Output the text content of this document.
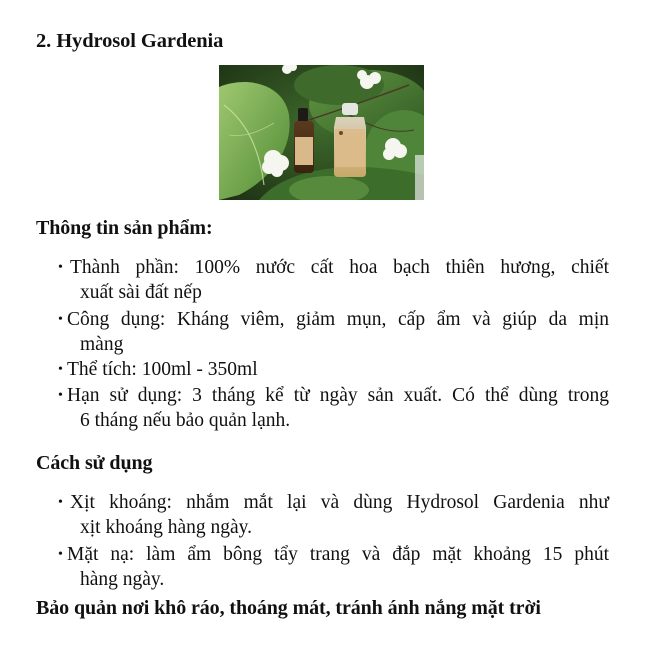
2. Hydrosol Gardenia
Thông tin sản phẩm:
• Thành phần: 100% nước cất hoa bạch thiên hương, chiết
xuất sài đất nếp
• Công dụng: Kháng viêm, giảm mụn, cấp ẩm và giúp da mịn
màng
• Thể tích: 100ml - 350ml
• Hạn sử dụng: 3 tháng kể từ ngày sản xuất. Có thể dùng trong
6 tháng nếu bảo quản lạnh.
Cách sử dụng
• Xịt khoáng: nhắm mắt lại và dùng Hydrosol Gardenia như
xịt khoáng hàng ngày.
• Mặt nạ: làm ẩm bông tẩy trang và đắp mặt khoảng 15 phút
hàng ngày.
Bảo quản nơi khô ráo, thoáng mát, tránh ánh nắng mặt trời
